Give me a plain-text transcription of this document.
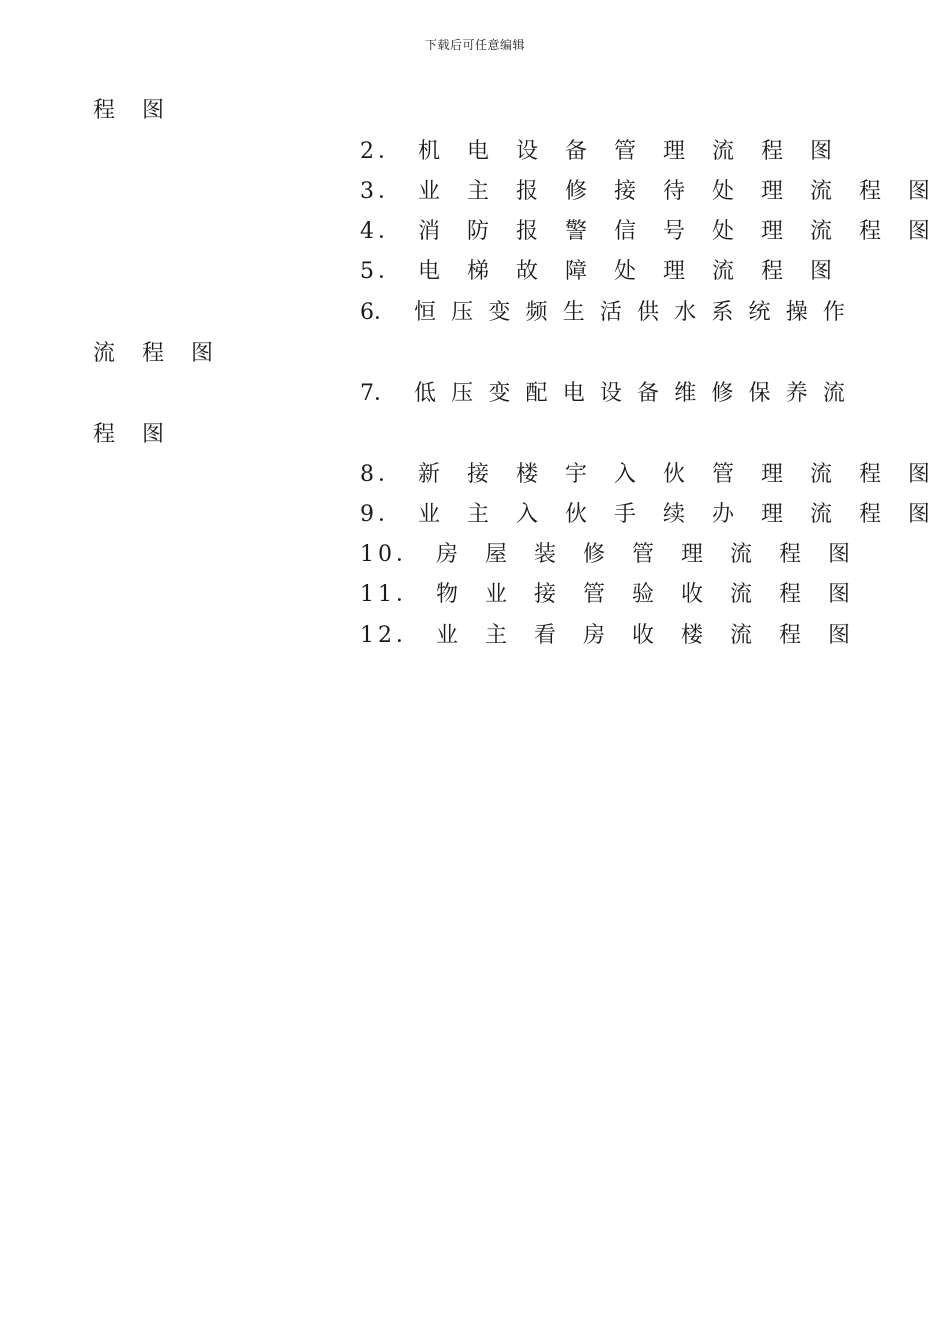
下载后可任意编辑
程 图
2． 机 电 设 备 管 理 流 程 图
3． 业 主 报 修 接 待 处 理 流 程 图
4． 消 防 报 警 信 号 处 理 流 程 图
5． 电 梯 故 障 处 理 流 程 图
6． 恒 压 变 频 生 活 供 水 系 统 操 作
流 程 图
7． 低 压 变 配 电 设 备 维 修 保 养 流
程 图
8． 新 接 楼 宇 入 伙 管 理 流 程 图
9． 业 主 入 伙 手 续 办 理 流 程 图
10． 房 屋 装 修 管 理 流 程 图
11． 物 业 接 管 验 收 流 程 图
12． 业 主 看 房 收 楼 流 程 图
